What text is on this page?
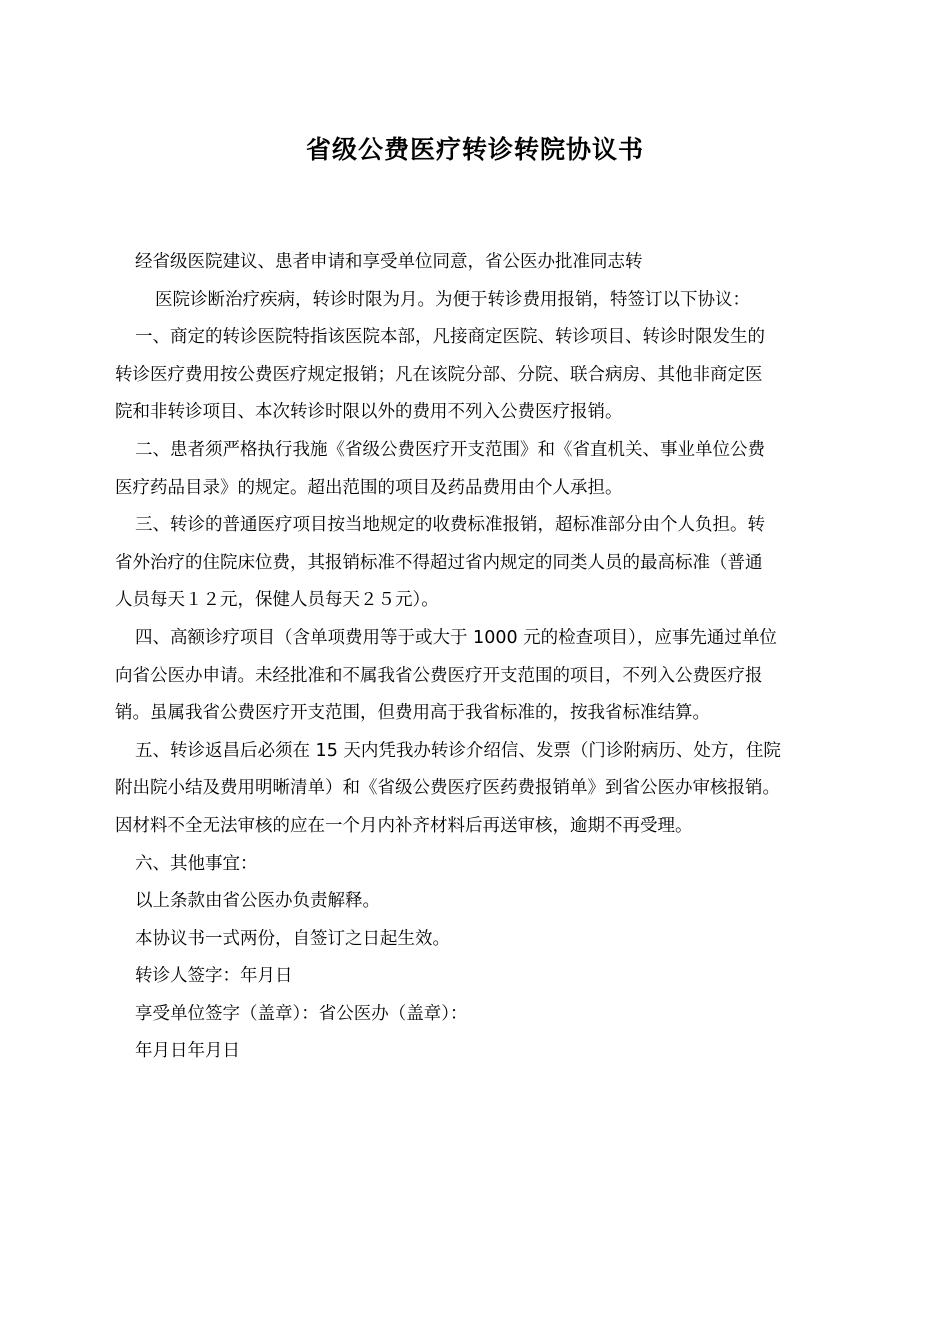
省级公费医疗转诊转院协议书

经省级医院建议、患者申请和享受单位同意，省公医办批准同志转
医院诊断治疗疾病，转诊时限为月。为便于转诊费用报销，特签订以下协议：

一、商定的转诊医院特指该医院本部，凡接商定医院、转诊项目、转诊时限发生的
转诊医疗费用按公费医疗规定报销；凡在该院分部、分院、联合病房、其他非商定医
院和非转诊项目、本次转诊时限以外的费用不列入公费医疗报销。
二、患者须严格执行我施《省级公费医疗开支范围》和《省直机关、事业单位公费
医疗药品目录》的规定。超出范围的项目及药品费用由个人承担。
三、转诊的普通医疗项目按当地规定的收费标准报销，超标准部分由个人负担。转
省外治疗的住院床位费，其报销标准不得超过省内规定的同类人员的最高标准（普通
人员每天１２元，保健人员每天２５元）。
四、高额诊疗项目（含单项费用等于或大于 1000 元的检查项目），应事先通过单位
向省公医办申请。未经批准和不属我省公费医疗开支范围的项目，不列入公费医疗报
销。虽属我省公费医疗开支范围，但费用高于我省标准的，按我省标准结算。
五、转诊返昌后必须在 15 天内凭我办转诊介绍信、发票（门诊附病历、处方，住院
附出院小结及费用明晰清单）和《省级公费医疗医药费报销单》到省公医办审核报销。
因材料不全无法审核的应在一个月内补齐材料后再送审核，逾期不再受理。
六、其他事宜：
以上条款由省公医办负责解释。
本协议书一式两份，自签订之日起生效。
转诊人签字：年月日
享受单位签字（盖章）：省公医办（盖章）：
年月日年月日
